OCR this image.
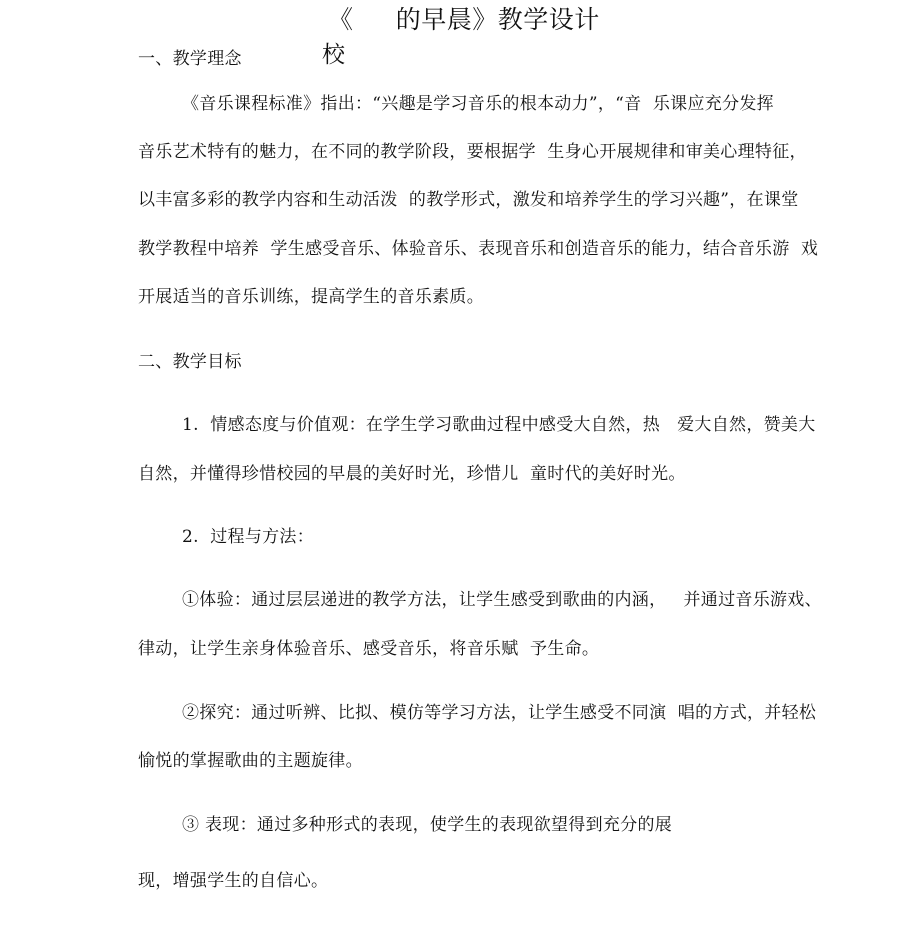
《     的早晨》教学设计
校
一、教学理念
《音乐课程标准》指出：“兴趣是学习音乐的根本动力”，“音  乐课应充分发挥
音乐艺术特有的魅力，在不同的教学阶段，要根据学  生身心开展规律和审美心理特征，
以丰富多彩的教学内容和生动活泼  的教学形式，激发和培养学生的学习兴趣”，在课堂
教学教程中培养  学生感受音乐、体验音乐、表现音乐和创造音乐的能力，结合音乐游  戏
开展适当的音乐训练，提高学生的音乐素质。
二、教学目标
1.  情感态度与价值观：在学生学习歌曲过程中感受大自然，热   爱大自然，赞美大
自然，并懂得珍惜校园的早晨的美好时光，珍惜儿  童时代的美好时光。
2.  过程与方法：
①体验：通过层层递进的教学方法，让学生感受到歌曲的内涵，   并通过音乐游戏、
律动，让学生亲身体验音乐、感受音乐，将音乐赋  予生命。
②探究：通过听辨、比拟、模仿等学习方法，让学生感受不同演  唱的方式，并轻松
愉悦的掌握歌曲的主题旋律。
③ 表现：通过多种形式的表现，使学生的表现欲望得到充分的展
现，增强学生的自信心。
